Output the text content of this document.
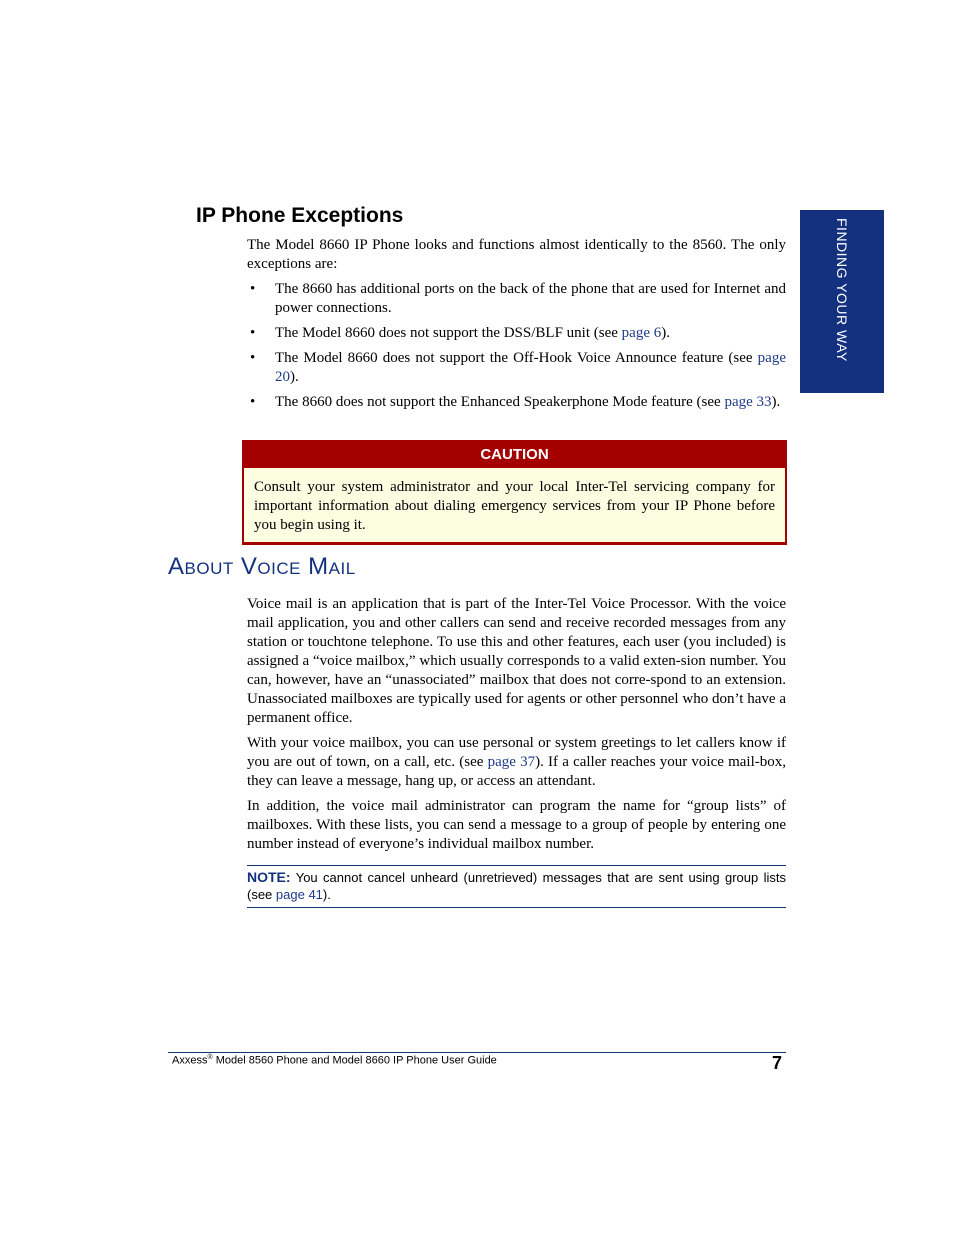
FINDING YOUR WAY
IP Phone Exceptions

The Model 8660 IP Phone looks and functions almost identically to the 8560. The only exceptions are:

• The 8660 has additional ports on the back of the phone that are used for Internet and power connections.
• The Model 8660 does not support the DSS/BLF unit (see page 6).
• The Model 8660 does not support the Off-Hook Voice Announce feature (see page 20).
• The 8660 does not support the Enhanced Speakerphone Mode feature (see page 33).
CAUTION
Consult your system administrator and your local Inter-Tel servicing company for important information about dialing emergency services from your IP Phone before you begin using it.
About Voice Mail

Voice mail is an application that is part of the Inter-Tel Voice Processor. With the voice mail application, you and other callers can send and receive recorded messages from any station or touchtone telephone. To use this and other features, each user (you included) is assigned a “voice mailbox,” which usually corresponds to a valid exten-sion number. You can, however, have an “unassociated” mailbox that does not corre-spond to an extension. Unassociated mailboxes are typically used for agents or other personnel who don’t have a permanent office.

With your voice mailbox, you can use personal or system greetings to let callers know if you are out of town, on a call, etc. (see page 37). If a caller reaches your voice mail-box, they can leave a message, hang up, or access an attendant.

In addition, the voice mail administrator can program the name for “group lists” of mailboxes. With these lists, you can send a message to a group of people by entering one number instead of everyone’s individual mailbox number.

NOTE: You cannot cancel unheard (unretrieved) messages that are sent using group lists (see page 41).
Axxess® Model 8560 Phone and Model 8660 IP Phone User Guide	7
